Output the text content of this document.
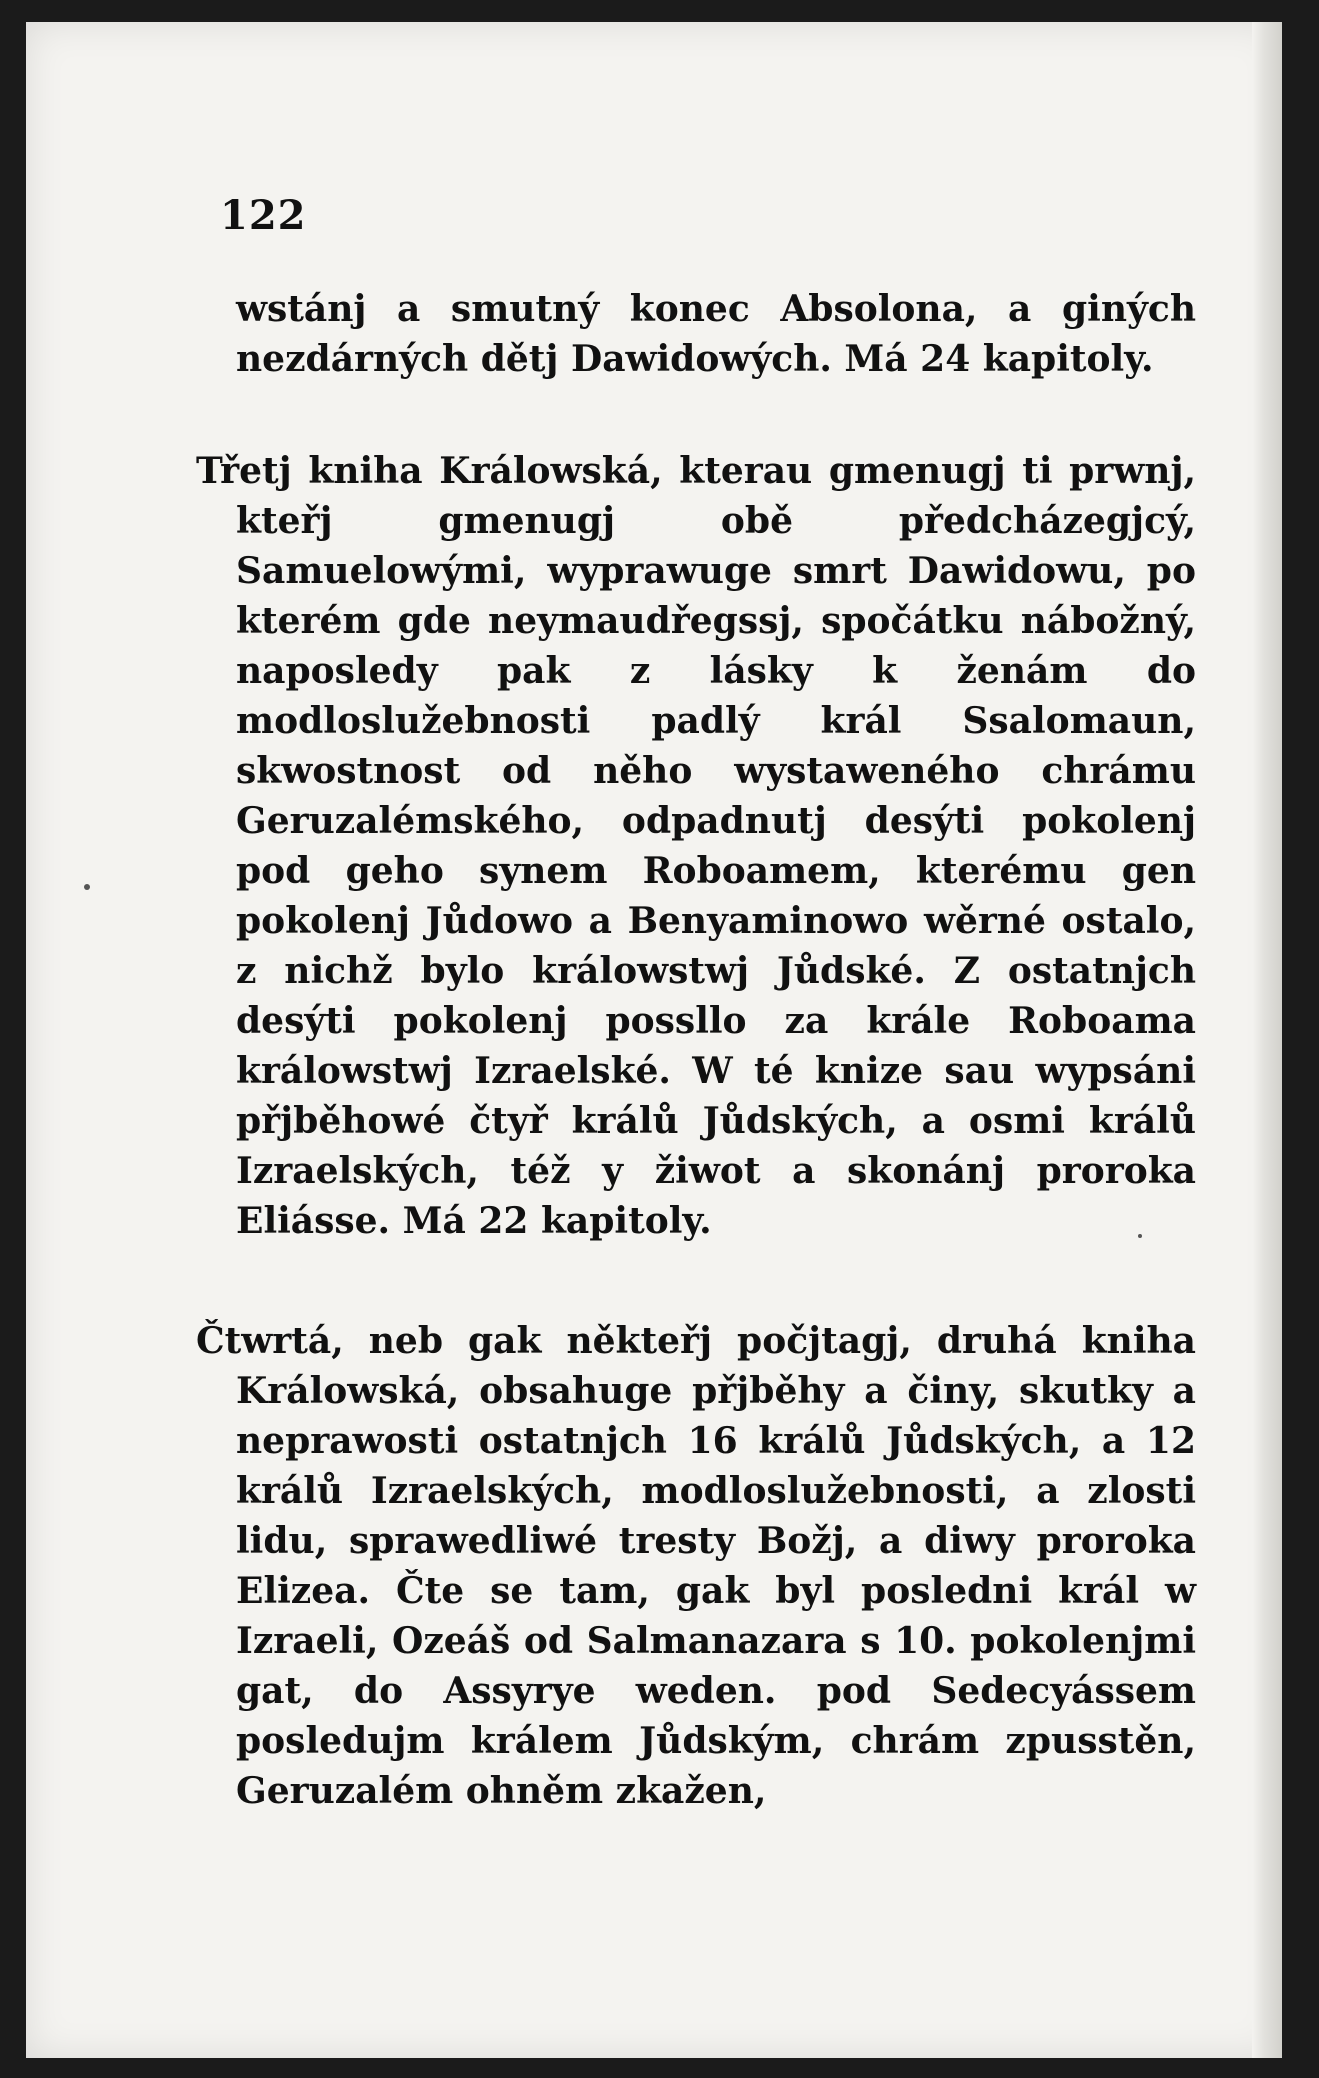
122

wstánj a smutný konec Absolona, a giných nezdárných dětj Dawidowých. Má 24 kapitoly.

Třetj kniha Králowská, kterau gmenugj ti prwnj, kteřj gmenugj obě předcházegjcý, Samuelowými, wyprawuge smrt Dawidowu, po kterém gde neymaudřegssj, spočátku nábožný, naposledy pak z lásky k ženám do modloslužebnosti padlý král Ssalomaun, skwostnost od něho wystaweného chrámu Geruzalémského, odpadnutj desýti pokolenj pod geho synem Roboamem, kterému gen pokolenj Jůdowo a Benyaminowo wěrné ostalo, z nichž bylo králowstwj Jůdské. Z ostatnjch desýti pokolenj possllo za krále Roboama králowstwj Izraelské. W té knize sau wypsáni přjběhowé čtyř králů Jůdských, a osmi králů Izraelských, též y žiwot a skonánj proroka Eliásse. Má 22 kapitoly.

Čtwrtá, neb gak někteřj počjtagj, druhá kniha Králowská, obsahuge přjběhy a činy, skutky a neprawosti ostatnjch 16 králů Jůdských, a 12 králů Izraelských, modloslužebnosti, a zlosti lidu, sprawedliwé tresty Božj, a diwy proroka Elizea. Čte se tam, gak byl posledni král w Izraeli, Ozeáš od Salmanazara s 10. pokolenjmi gat, do Assyrye weden. pod Sedecyássem posledujm králem Jůdským, chrám zpusstěn, Geruzalém ohněm zkažen,
